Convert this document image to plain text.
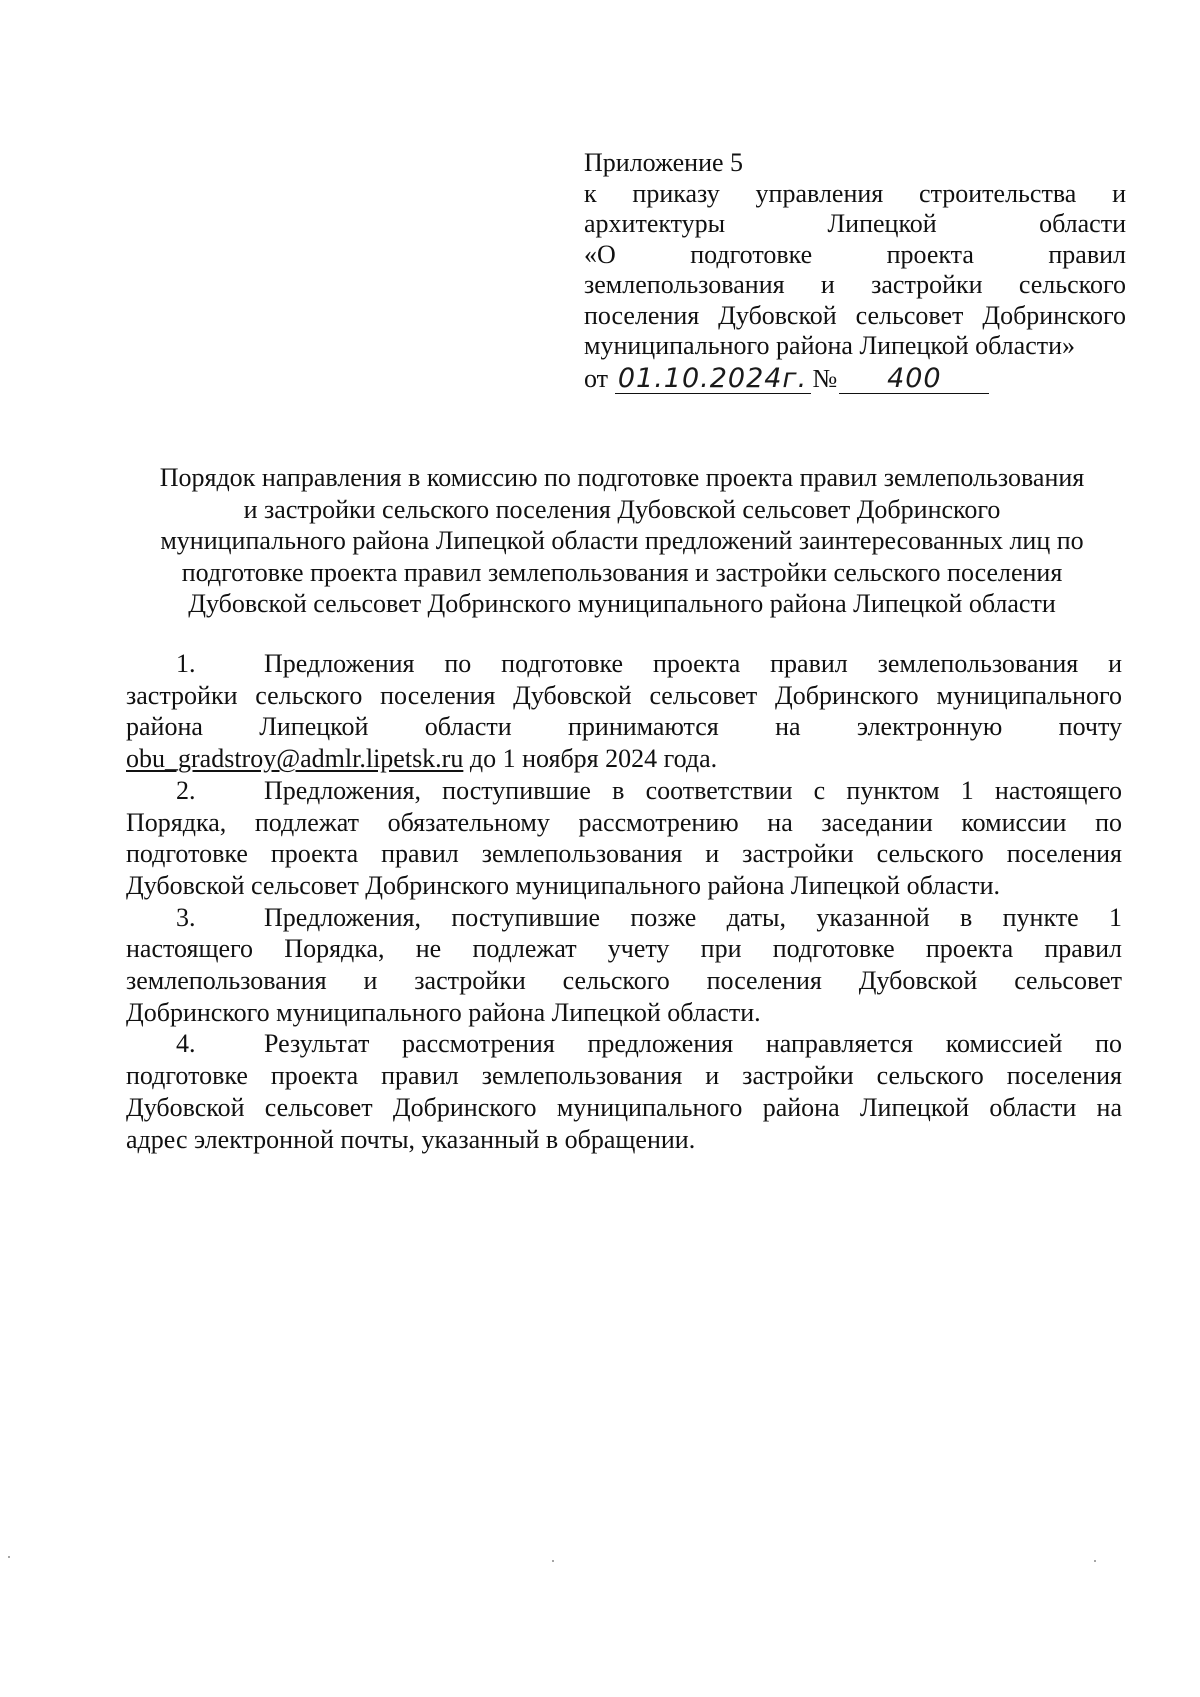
Приложение 5
к приказу управления строительства и
архитектуры Липецкой области
«О подготовке проекта правил
землепользования и застройки сельского
поселения Дубовской сельсовет Добринского
муниципального района Липецкой области»
от 01.10.2024г. № 400
Порядок направления в комиссию по подготовке проекта правил землепользования
и застройки сельского поселения Дубовской сельсовет Добринского
муниципального района Липецкой области предложений заинтересованных лиц по
подготовке проекта правил землепользования и застройки сельского поселения
Дубовской сельсовет Добринского муниципального района Липецкой области
1.	Предложения по подготовке проекта правил землепользования и
застройки сельского поселения Дубовской сельсовет Добринского муниципального
района Липецкой области принимаются на электронную почту
obu_gradstroy@admlr.lipetsk.ru до 1 ноября 2024 года.
2.	Предложения, поступившие в соответствии с пунктом 1 настоящего
Порядка, подлежат обязательному рассмотрению на заседании комиссии по
подготовке проекта правил землепользования и застройки сельского поселения
Дубовской сельсовет Добринского муниципального района Липецкой области.
3.	Предложения, поступившие позже даты, указанной в пункте 1
настоящего Порядка, не подлежат учету при подготовке проекта правил
землепользования и застройки сельского поселения Дубовской сельсовет
Добринского муниципального района Липецкой области.
4.	Результат рассмотрения предложения направляется комиссией по
подготовке проекта правил землепользования и застройки сельского поселения
Дубовской сельсовет Добринского муниципального района Липецкой области на
адрес электронной почты, указанный в обращении.
